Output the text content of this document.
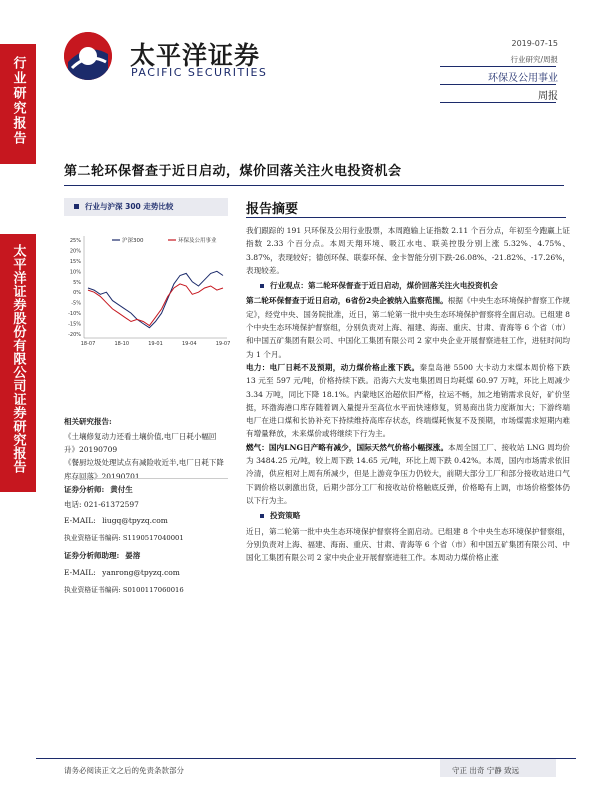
行业研究报告
太平洋证券股份有限公司证券研究报告
太平洋证券
PACIFIC SECURITIES
2019-07-15
行业研究/周报
环保及公用事业
周报
第二轮环保督查于近日启动，煤价回落关注火电投资机会
行业与沪深 300 走势比较
25%
20%
15%
10%
5%
0%
-5%
-10%
-15%
-20%
18-07	18-10	19-01	19-04	19-07
沪深300	环保及公用事业
相关研究报告:
《土壤修复动力还看土壤价值,电厂日耗小幅回升》20190709
《餐厨垃圾处理试点有减险收近半,电厂日耗下降库存回落》20190701
证券分析师: 黄付生
电话: 021-61372597
E-MAIL: liugq@tpyzq.com
执业资格证书编码: S1190517040001
证券分析师助理: 晏溶
E-MAIL: yanrong@tpyzq.com
执业资格证书编码: S0100117060016
报告摘要

我们跟踪的 191 只环保及公用行业股票，本周跑输上证指数 2.11 个百分点，年初至今跑赢上证指数 2.33 个百分点。本周天翔环境、吸江水电、联美控股分别上涨 5.32%、4.75%、3.87%，表现较好；德创环保、联泰环保、金卡智能分别下跌-26.08%、-21.82%、-17.26%，表现较差。

行业观点：第二轮环保督查于近日启动，煤价回落关注火电投资机会

第二轮环保督查于近日启动，6省份2央企被纳入监察范围。根据《中央生态环境保护督察工作规定》，经党中央、国务院批准，近日，第二轮第一批中央生态环境保护督察将全面启动。已组建 8 个中央生态环境保护督察组，分别负责对上海、福建、海南、重庆、甘肃、青海等 6 个省（市）和中国五矿集团有限公司、中国化工集团有限公司 2 家中央企业开展督察进驻工作，进驻时间均为 1 个月。

电力：电厂日耗不及预期，动力煤价格止涨下跌。秦皇岛港 5500 大卡动力末煤本周价格下跌 13 元至 597 元/吨，价格持续下跌。沿海六大发电集团周日均耗煤 60.97 万吨，环比上周减少 3.34 万吨，同比下降 18.1%。内蒙地区治超依旧严格，拉运不畅，加之地销需求良好，矿价坚挺，环渤海港口库存随着调入量提升至高位水平而快速修复，贸易商出货力度渐加大；下游终端电厂在进口煤和长协补充下持续维持高库存状态，终端煤耗恢复不及预期，市场煤需求短期内难有增量释放，未来煤价或将继续下行为主。

燃气：国内LNG日产略有减少，国际天然气价格小幅探涨。本周全国工厂、接收站 LNG 周均价为 3484.25 元/吨，较上周下跌 14.65 元/吨，环比上周下跌 0.42%。本周，国内市场需求依旧冷清，供应相对上周有所减少，但是上游竞争压力仍较大，前期大部分工厂和部分接收站进口气下调价格以刺激出货，后期少部分工厂和接收站价格触底反弹，价格略有上调，市场价格整体仍以下行为主。

投资策略

近日，第二轮第一批中央生态环境保护督察将全面启动。已组建 8 个中央生态环境保护督察组，分别负责对上海、福建、海南、重庆、甘肃、青海等 6 个省（市）和中国五矿集团有限公司、中国化工集团有限公司 2 家中央企业开展督察进驻工作。本周动力煤价格止涨

请务必阅读正文之后的免责条款部分	守正 出奇 宁静 致远
